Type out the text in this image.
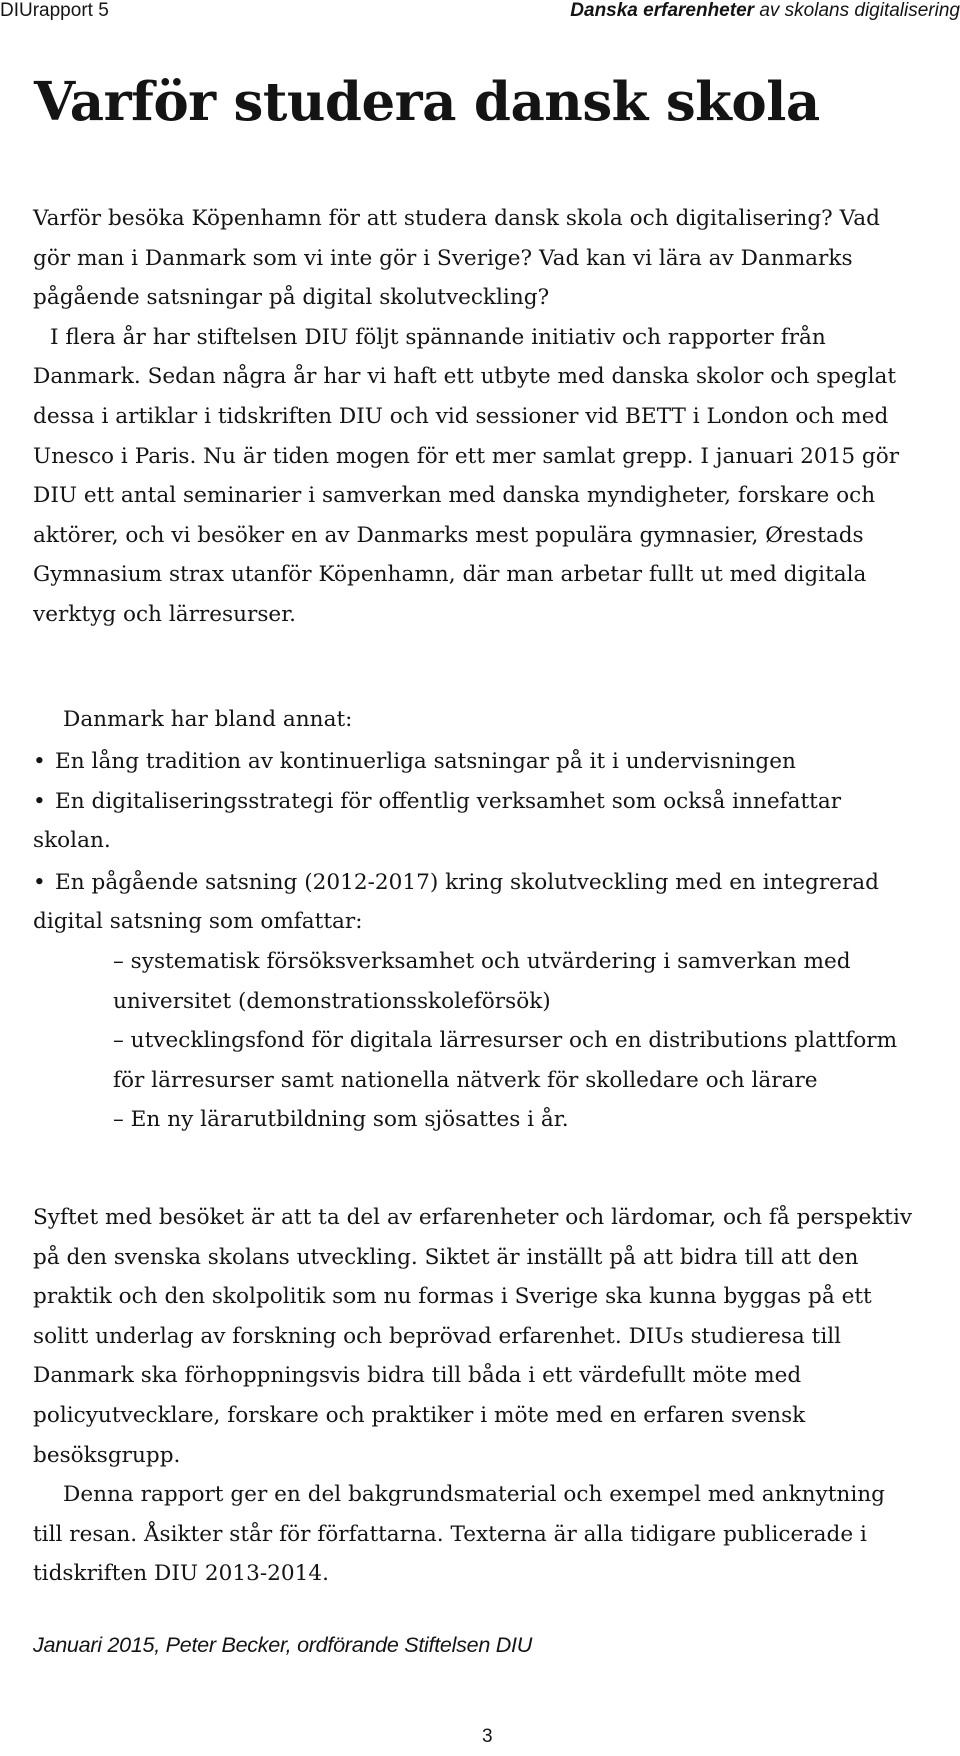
DIUrapport 5	Danska erfarenheter av skolans digitalisering
Varför studera dansk skola

Varför besöka Köpenhamn för att studera dansk skola och digitalisering? Vad gör man i Danmark som vi inte gör i Sverige? Vad kan vi lära av Danmarks pågående satsningar på digital skolutveckling?

I flera år har stiftelsen DIU följt spännande initiativ och rapporter från Danmark. Sedan några år har vi haft ett utbyte med danska skolor och speglat dessa i artiklar i tidskriften DIU och vid sessioner vid BETT i London och med Unesco i Paris. Nu är tiden mogen för ett mer samlat grepp. I januari 2015 gör DIU ett antal seminarier i samverkan med danska myndigheter, forskare och aktörer, och vi besöker en av Danmarks mest populära gymnasier, Ørestads Gymnasium strax utanför Köpenhamn, där man arbetar fullt ut med digitala verktyg och lärresurser.

Danmark har bland annat:
• En lång tradition av kontinuerliga satsningar på it i undervisningen
• En digitaliseringsstrategi för offentlig verksamhet som också innefattar skolan.
• En pågående satsning (2012-2017) kring skolutveckling med en integrerad digital satsning som omfattar:
– systematisk försöksverksamhet och utvärdering i samverkan med universitet (demonstrationsskoleförsök)
– utvecklingsfond för digitala lärresurser och en distributions plattform för lärresurser samt nationella nätverk för skolledare och lärare
– En ny lärarutbildning som sjösattes i år.

Syftet med besöket är att ta del av erfarenheter och lärdomar, och få perspektiv på den svenska skolans utveckling. Siktet är inställt på att bidra till att den praktik och den skolpolitik som nu formas i Sverige ska kunna byggas på ett solitt underlag av forskning och beprövad erfarenhet. DIUs studieresa till Danmark ska förhoppningsvis bidra till båda i ett värdefullt möte med policyutvecklare, forskare och praktiker i möte med en erfaren svensk besöksgrupp.

Denna rapport ger en del bakgrundsmaterial och exempel med anknytning till resan. Åsikter står för författarna. Texterna är alla tidigare publicerade i tidskriften DIU 2013-2014.

Januari 2015, Peter Becker, ordförande Stiftelsen DIU
3
